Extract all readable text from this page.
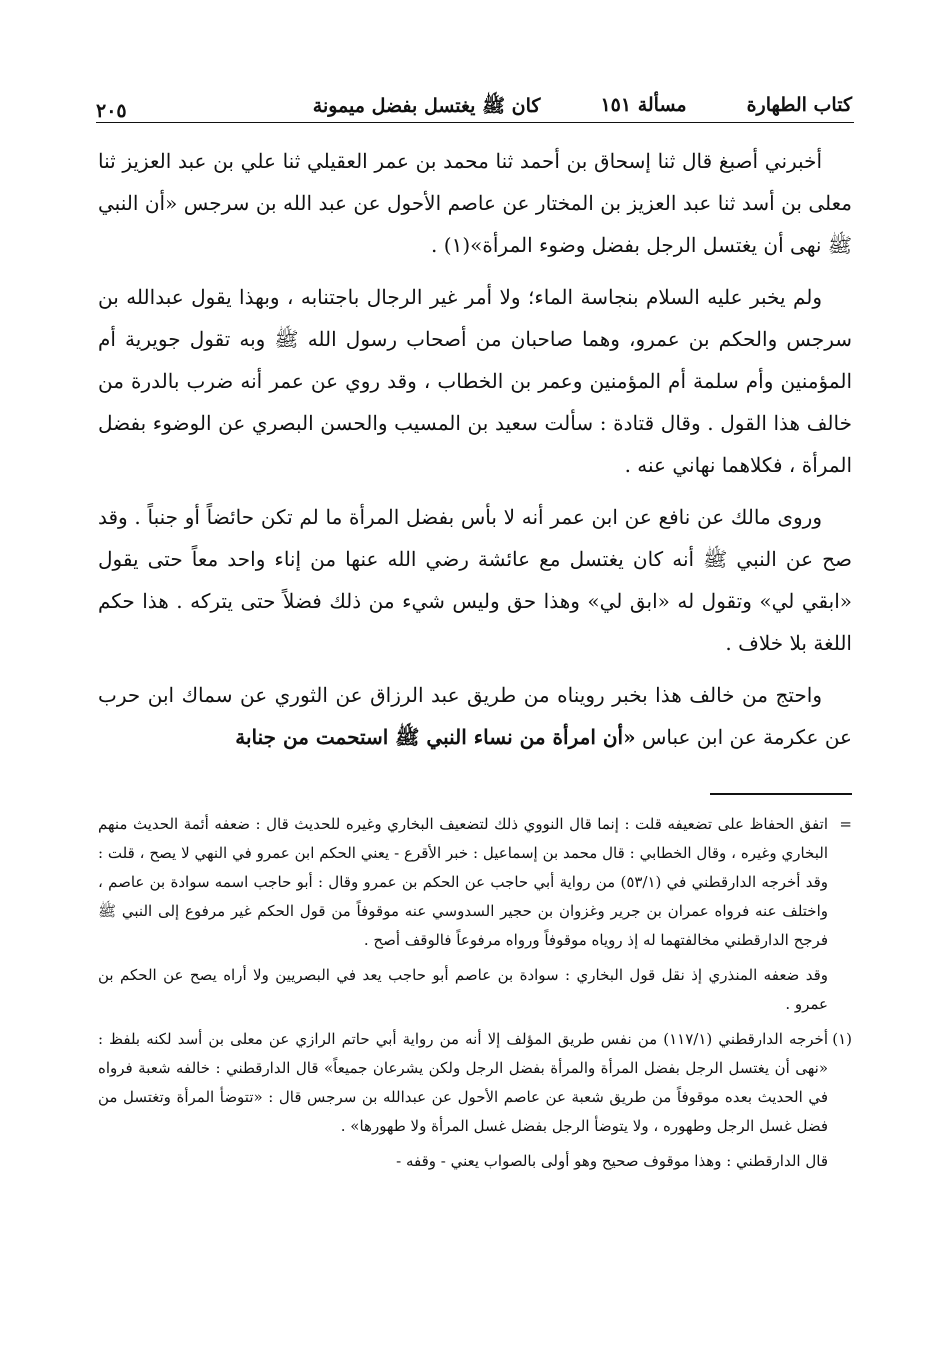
كتاب الطهارة
مسألة ١٥١
كان ﷺ يغتسل بفضل ميمونة
٢٠٥

أخبرني أصبغ قال ثنا إسحاق بن أحمد ثنا محمد بن عمر العقيلي ثنا علي بن عبد العزيز ثنا معلى بن أسد ثنا عبد العزيز بن المختار عن عاصم الأحول عن عبد الله بن سرجس «أن النبي ﷺ نهى أن يغتسل الرجل بفضل وضوء المرأة»(١) .

ولم يخبر عليه السلام بنجاسة الماء؛ ولا أمر غير الرجال باجتنابه ، وبهذا يقول عبدالله بن سرجس والحكم بن عمرو، وهما صاحبان من أصحاب رسول الله ﷺ وبه تقول جويرية أم المؤمنين وأم سلمة أم المؤمنين وعمر بن الخطاب ، وقد روي عن عمر أنه ضرب بالدرة من خالف هذا القول . وقال قتادة : سألت سعيد بن المسيب والحسن البصري عن الوضوء بفضل المرأة ، فكلاهما نهاني عنه .

وروى مالك عن نافع عن ابن عمر أنه لا بأس بفضل المرأة ما لم تكن حائضاً أو جنباً . وقد صح عن النبي ﷺ أنه كان يغتسل مع عائشة رضي الله عنها من إناء واحد معاً حتى يقول «ابقي لي» وتقول له «ابق لي» وهذا حق وليس شيء من ذلك فضلاً حتى يتركه . هذا حكم اللغة بلا خلاف .

واحتج من خالف هذا بخبر رويناه من طريق عبد الرزاق عن الثوري عن سماك ابن حرب عن عكرمة عن ابن عباس «أن امرأة من نساء النبي ﷺ استحمت من جنابة

=
اتفق الحفاظ على تضعيفه قلت : إنما قال النووي ذلك لتضعيف البخاري وغيره للحديث قال : ضعفه أئمة الحديث منهم البخاري وغيره ، وقال الخطابي : قال محمد بن إسماعيل : خبر الأقرع - يعني الحكم ابن عمرو في النهي لا يصح ، قلت : وقد أخرجه الدارقطني في (٥٣/١) من رواية أبي حاجب عن الحكم بن عمرو وقال : أبو حاجب اسمه سوادة بن عاصم ، واختلف عنه فرواه عمران بن جرير وغزوان بن حجير السدوسي عنه موقوفاً من قول الحكم غير مرفوع إلى النبي ﷺ فرجح الدارقطني مخالفتهما له إذ روياه موقوفاً ورواه مرفوعاً فالوقف أصح .

وقد ضعفه المنذري إذ نقل قول البخاري : سوادة بن عاصم أبو حاجب يعد في البصريين ولا أراه يصح عن الحكم بن عمرو .

(١)
أخرجه الدارقطني (١١٧/١) من نفس طريق المؤلف إلا أنه من رواية أبي حاتم الرازي عن معلى بن أسد لكنه بلفظ : «نهى أن يغتسل الرجل بفضل المرأة والمرأة بفضل الرجل ولكن يشرعان جميعاً» قال الدارقطني : خالفه شعبة فرواه في الحديث بعده موقوفاً من طريق شعبة عن عاصم الأحول عن عبدالله بن سرجس قال : «تتوضأ المرأة وتغتسل من فضل غسل الرجل وطهوره ، ولا يتوضأ الرجل بفضل غسل المرأة ولا طهورها» .

قال الدارقطني : وهذا موقوف صحيح وهو أولى بالصواب يعني - وقفه -
